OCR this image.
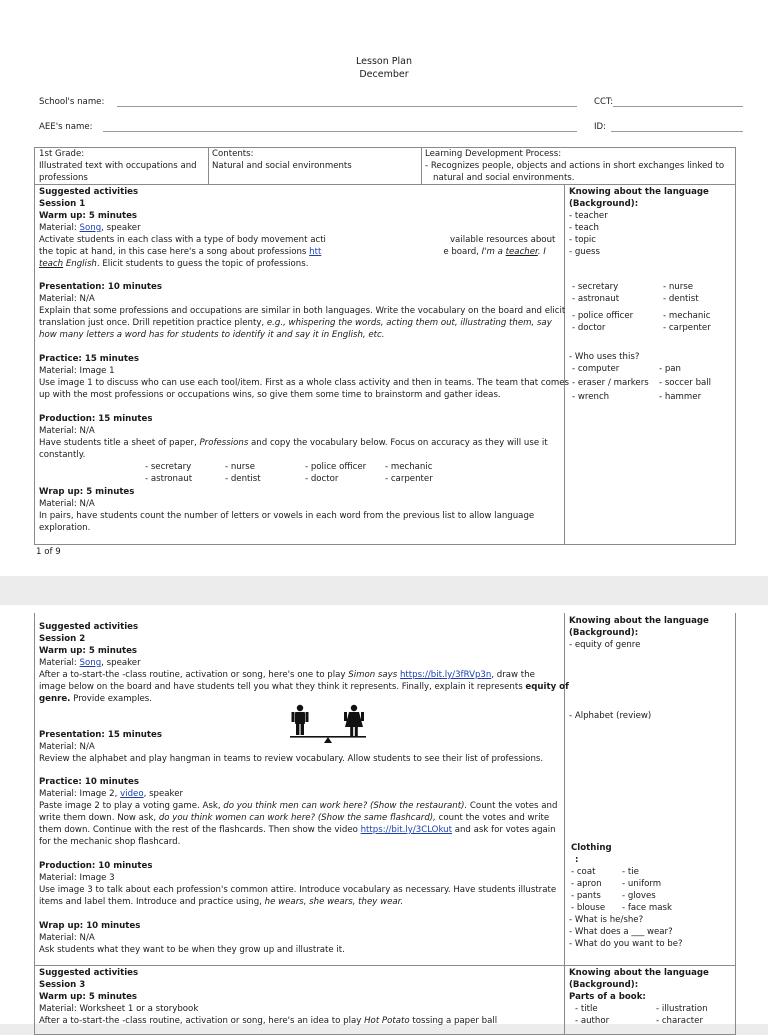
Lesson Plan
December
School's name:	CCT:
AEE's name:	ID:
1st Grade:
Illustrated text with occupations and
professions
Contents:
Natural and social environments
Learning Development Process:
- Recognizes people, objects and actions in short exchanges linked to
natural and social environments.
Suggested activities
Session 1
Warm up: 5 minutes
Material: Song, speaker
Activate students in each class with a type of body movement acti	vailable resources about
the topic at hand, in this case here's a song about professions htt	e board, I'm a teacher. I
teach English. Elicit students to guess the topic of professions.
Presentation: 10 minutes
Material: N/A
Explain that some professions and occupations are similar in both languages. Write the vocabulary on the board and elicit
translation just once. Drill repetition practice plenty, e.g., whispering the words, acting them out, illustrating them, say
how many letters a word has for students to identify it and say it in English, etc.
Practice: 15 minutes
Material: Image 1
Use image 1 to discuss who can use each tool/item. First as a whole class activity and then in teams. The team that comes
up with the most professions or occupations wins, so give them some time to brainstorm and gather ideas.
Production: 15 minutes
Material: N/A
Have students title a sheet of paper, Professions and copy the vocabulary below. Focus on accuracy as they will use it
constantly.
- secretary	- nurse	- police officer - mechanic
- astronaut	- dentist	- doctor	- carpenter
Wrap up: 5 minutes
Material: N/A
In pairs, have students count the number of letters or vowels in each word from the previous list to allow language
exploration.
Knowing about the language
(Background):
- teacher
- teach
- topic
- guess
- secretary	- nurse
- astronaut	- dentist
- police officer	- mechanic
- doctor	- carpenter
- Who uses this?
- computer	- pan
- eraser / markers - soccer ball
- wrench	- hammer
1 of 9
Suggested activities
Session 2
Warm up: 5 minutes
Material: Song, speaker
After a to-start-the -class routine, activation or song, here's one to play Simon says https://bit.ly/3fRVp3n, draw the
image below on the board and have students tell you what they think it represents. Finally, explain it represents equity of
genre. Provide examples.
Presentation: 15 minutes
Material: N/A
Review the alphabet and play hangman in teams to review vocabulary. Allow students to see their list of professions.
Practice: 10 minutes
Material: Image 2, video, speaker
Paste image 2 to play a voting game. Ask, do you think men can work here? (Show the restaurant). Count the votes and
write them down. Now ask, do you think women can work here? (Show the same flashcard), count the votes and write
them down. Continue with the rest of the flashcards. Then show the video https://bit.ly/3CLOkut and ask for votes again
for the mechanic shop flashcard.
Production: 10 minutes
Material: Image 3
Use image 3 to talk about each profession's common attire. Introduce vocabulary as necessary. Have students illustrate
items and label them. Introduce and practice using, he wears, she wears, they wear.
Wrap up: 10 minutes
Material: N/A
Ask students what they want to be when they grow up and illustrate it.
Knowing about the language
(Background):
- equity of genre
- Alphabet (review)
Clothing
:
- coat	- tie
- apron - uniform
- pants - gloves
- blouse - face mask
- What is he/she?
- What does a ___ wear?
- What do you want to be?
Suggested activities
Session 3
Warm up: 5 minutes
Material: Worksheet 1 or a storybook
After a to-start-the -class routine, activation or song, here's an idea to play Hot Potato tossing a paper ball
Knowing about the language
(Background):
Parts of a book:
- title	- illustration
- author	- character
